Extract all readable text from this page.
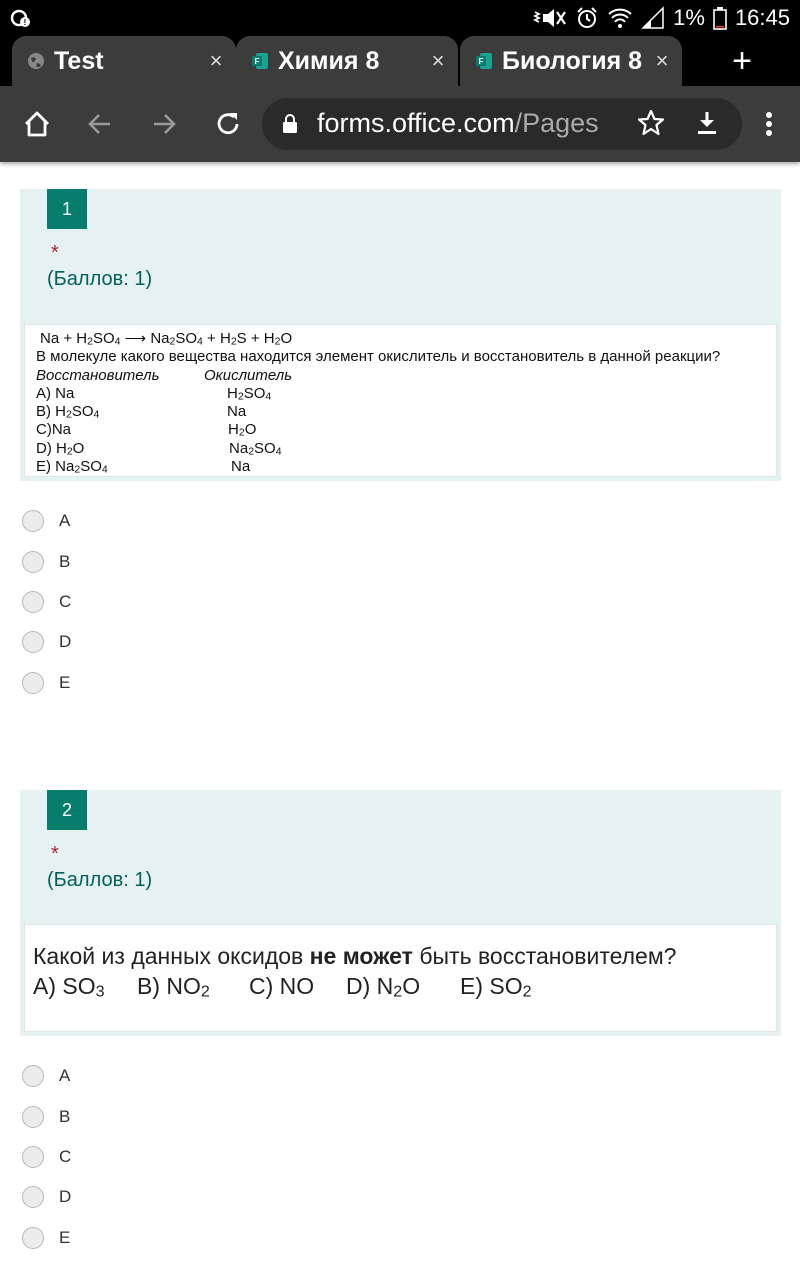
!	1% 16:45
Test	×	F Химия 8	×	F Биология 8 ×	+
forms.office.com/Pages
1
*
(Баллов: 1)
$Na + H_2SO_4$ ⟶ $Na_2SO_4 + H_2S + H_2O$
В молекуле какого вещества находится элемент окислитель и восстановитель в данной реакции?
Восстановитель	Окислитель
A) Na	$H_2SO_4$
B) $H_2SO_4$	Na
C)Na	$H_2O$
D) $H_2O$	$Na_2SO_4$
E) $Na_2SO_4$	Na
A
B
C
D
E
2
*
(Баллов: 1)
Какой из данных оксидов не может быть восстановителем?
A) $SO_3$ B) $NO_2$ C) NO D) $N_2O$ E) $SO_2$
A
B
C
D
E
